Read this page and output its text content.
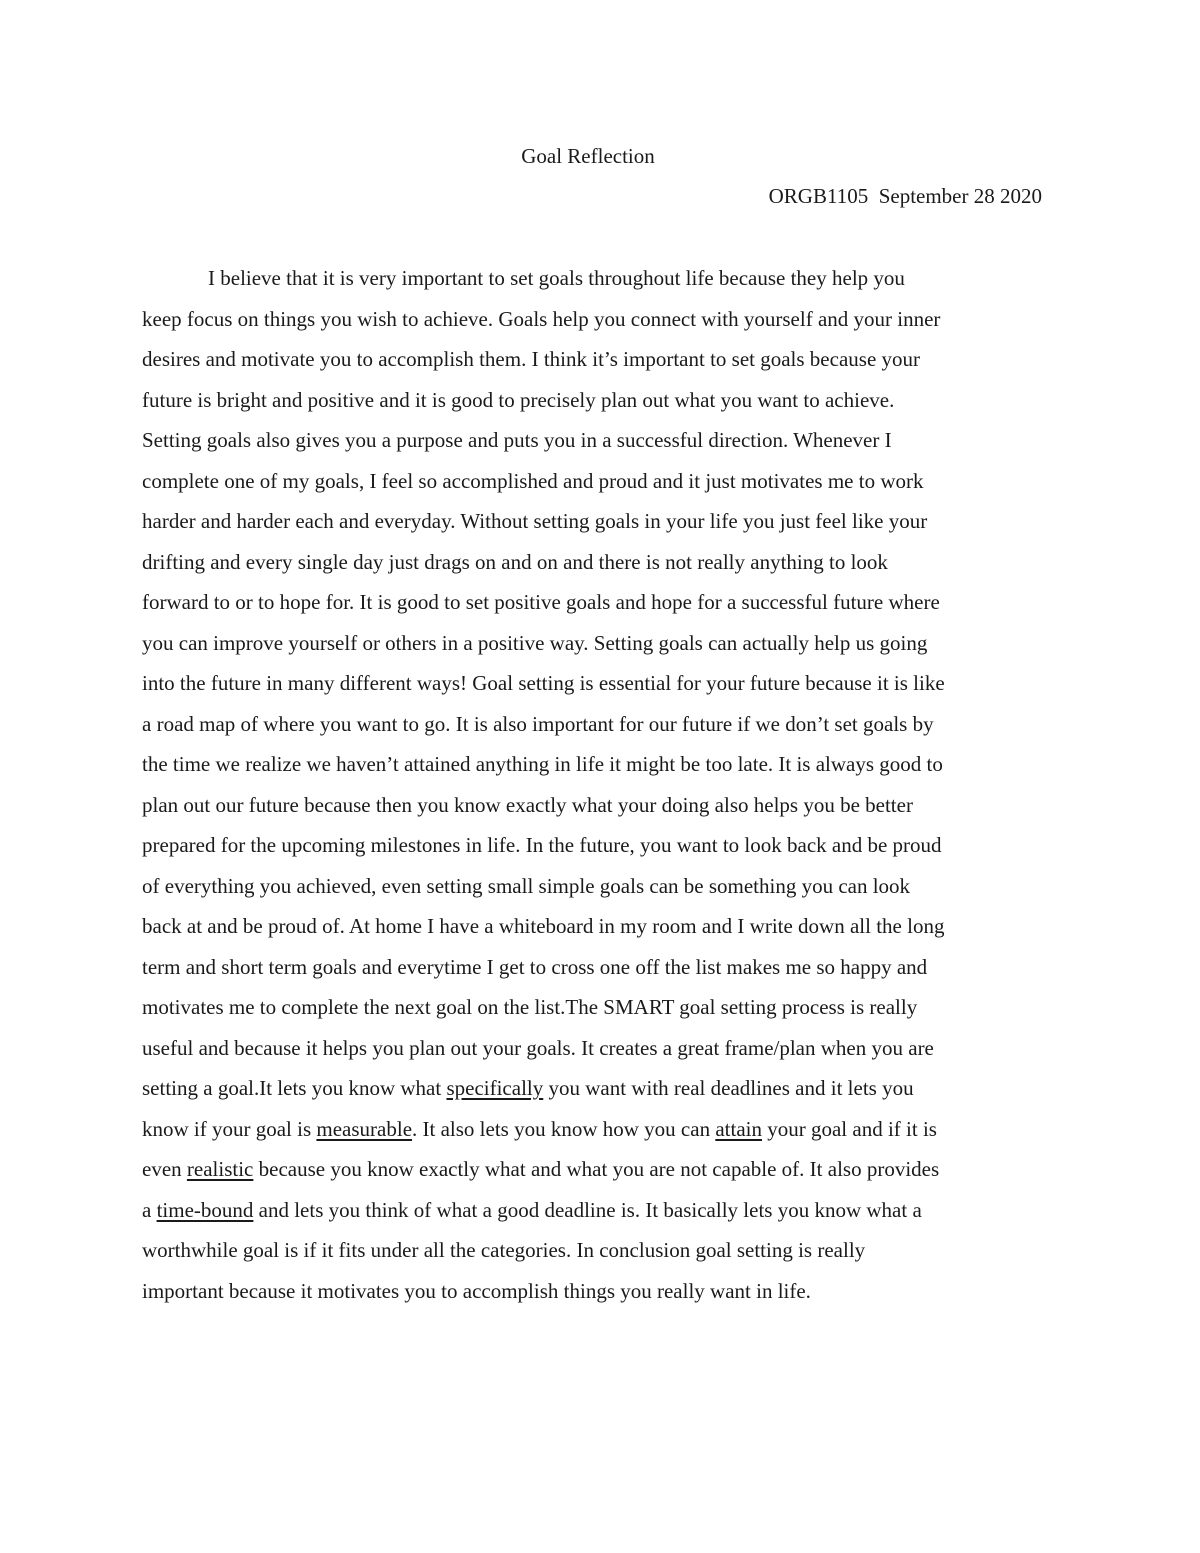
Goal Reflection
ORGB1105  September 28 2020
I believe that it is very important to set goals throughout life because they help you
keep focus on things you wish to achieve. Goals help you connect with yourself and your inner
desires and motivate you to accomplish them. I think it’s important to set goals because your
future is bright and positive and it is good to precisely plan out what you want to achieve.
Setting goals also gives you a purpose and puts you in a successful direction. Whenever I
complete one of my goals, I feel so accomplished and proud and it just motivates me to work
harder and harder each and everyday. Without setting goals in your life you just feel like your
drifting and every single day just drags on and on and there is not really anything to look
forward to or to hope for. It is good to set positive goals and hope for a successful future where
you can improve yourself or others in a positive way. Setting goals can actually help us going
into the future in many different ways! Goal setting is essential for your future because it is like
a road map of where you want to go. It is also important for our future if we don’t set goals by
the time we realize we haven’t attained anything in life it might be too late. It is always good to
plan out our future because then you know exactly what your doing also helps you be better
prepared for the upcoming milestones in life. In the future, you want to look back and be proud
of everything you achieved, even setting small simple goals can be something you can look
back at and be proud of. At home I have a whiteboard in my room and I write down all the long
term and short term goals and everytime I get to cross one off the list makes me so happy and
motivates me to complete the next goal on the list.The SMART goal setting process is really
useful and because it helps you plan out your goals. It creates a great frame/plan when you are
setting a goal.It lets you know what specifically you want with real deadlines and it lets you
know if your goal is measurable. It also lets you know how you can attain your goal and if it is
even realistic because you know exactly what and what you are not capable of. It also provides
a time-bound and lets you think of what a good deadline is. It basically lets you know what a
worthwhile goal is if it fits under all the categories. In conclusion goal setting is really
important because it motivates you to accomplish things you really want in life.
